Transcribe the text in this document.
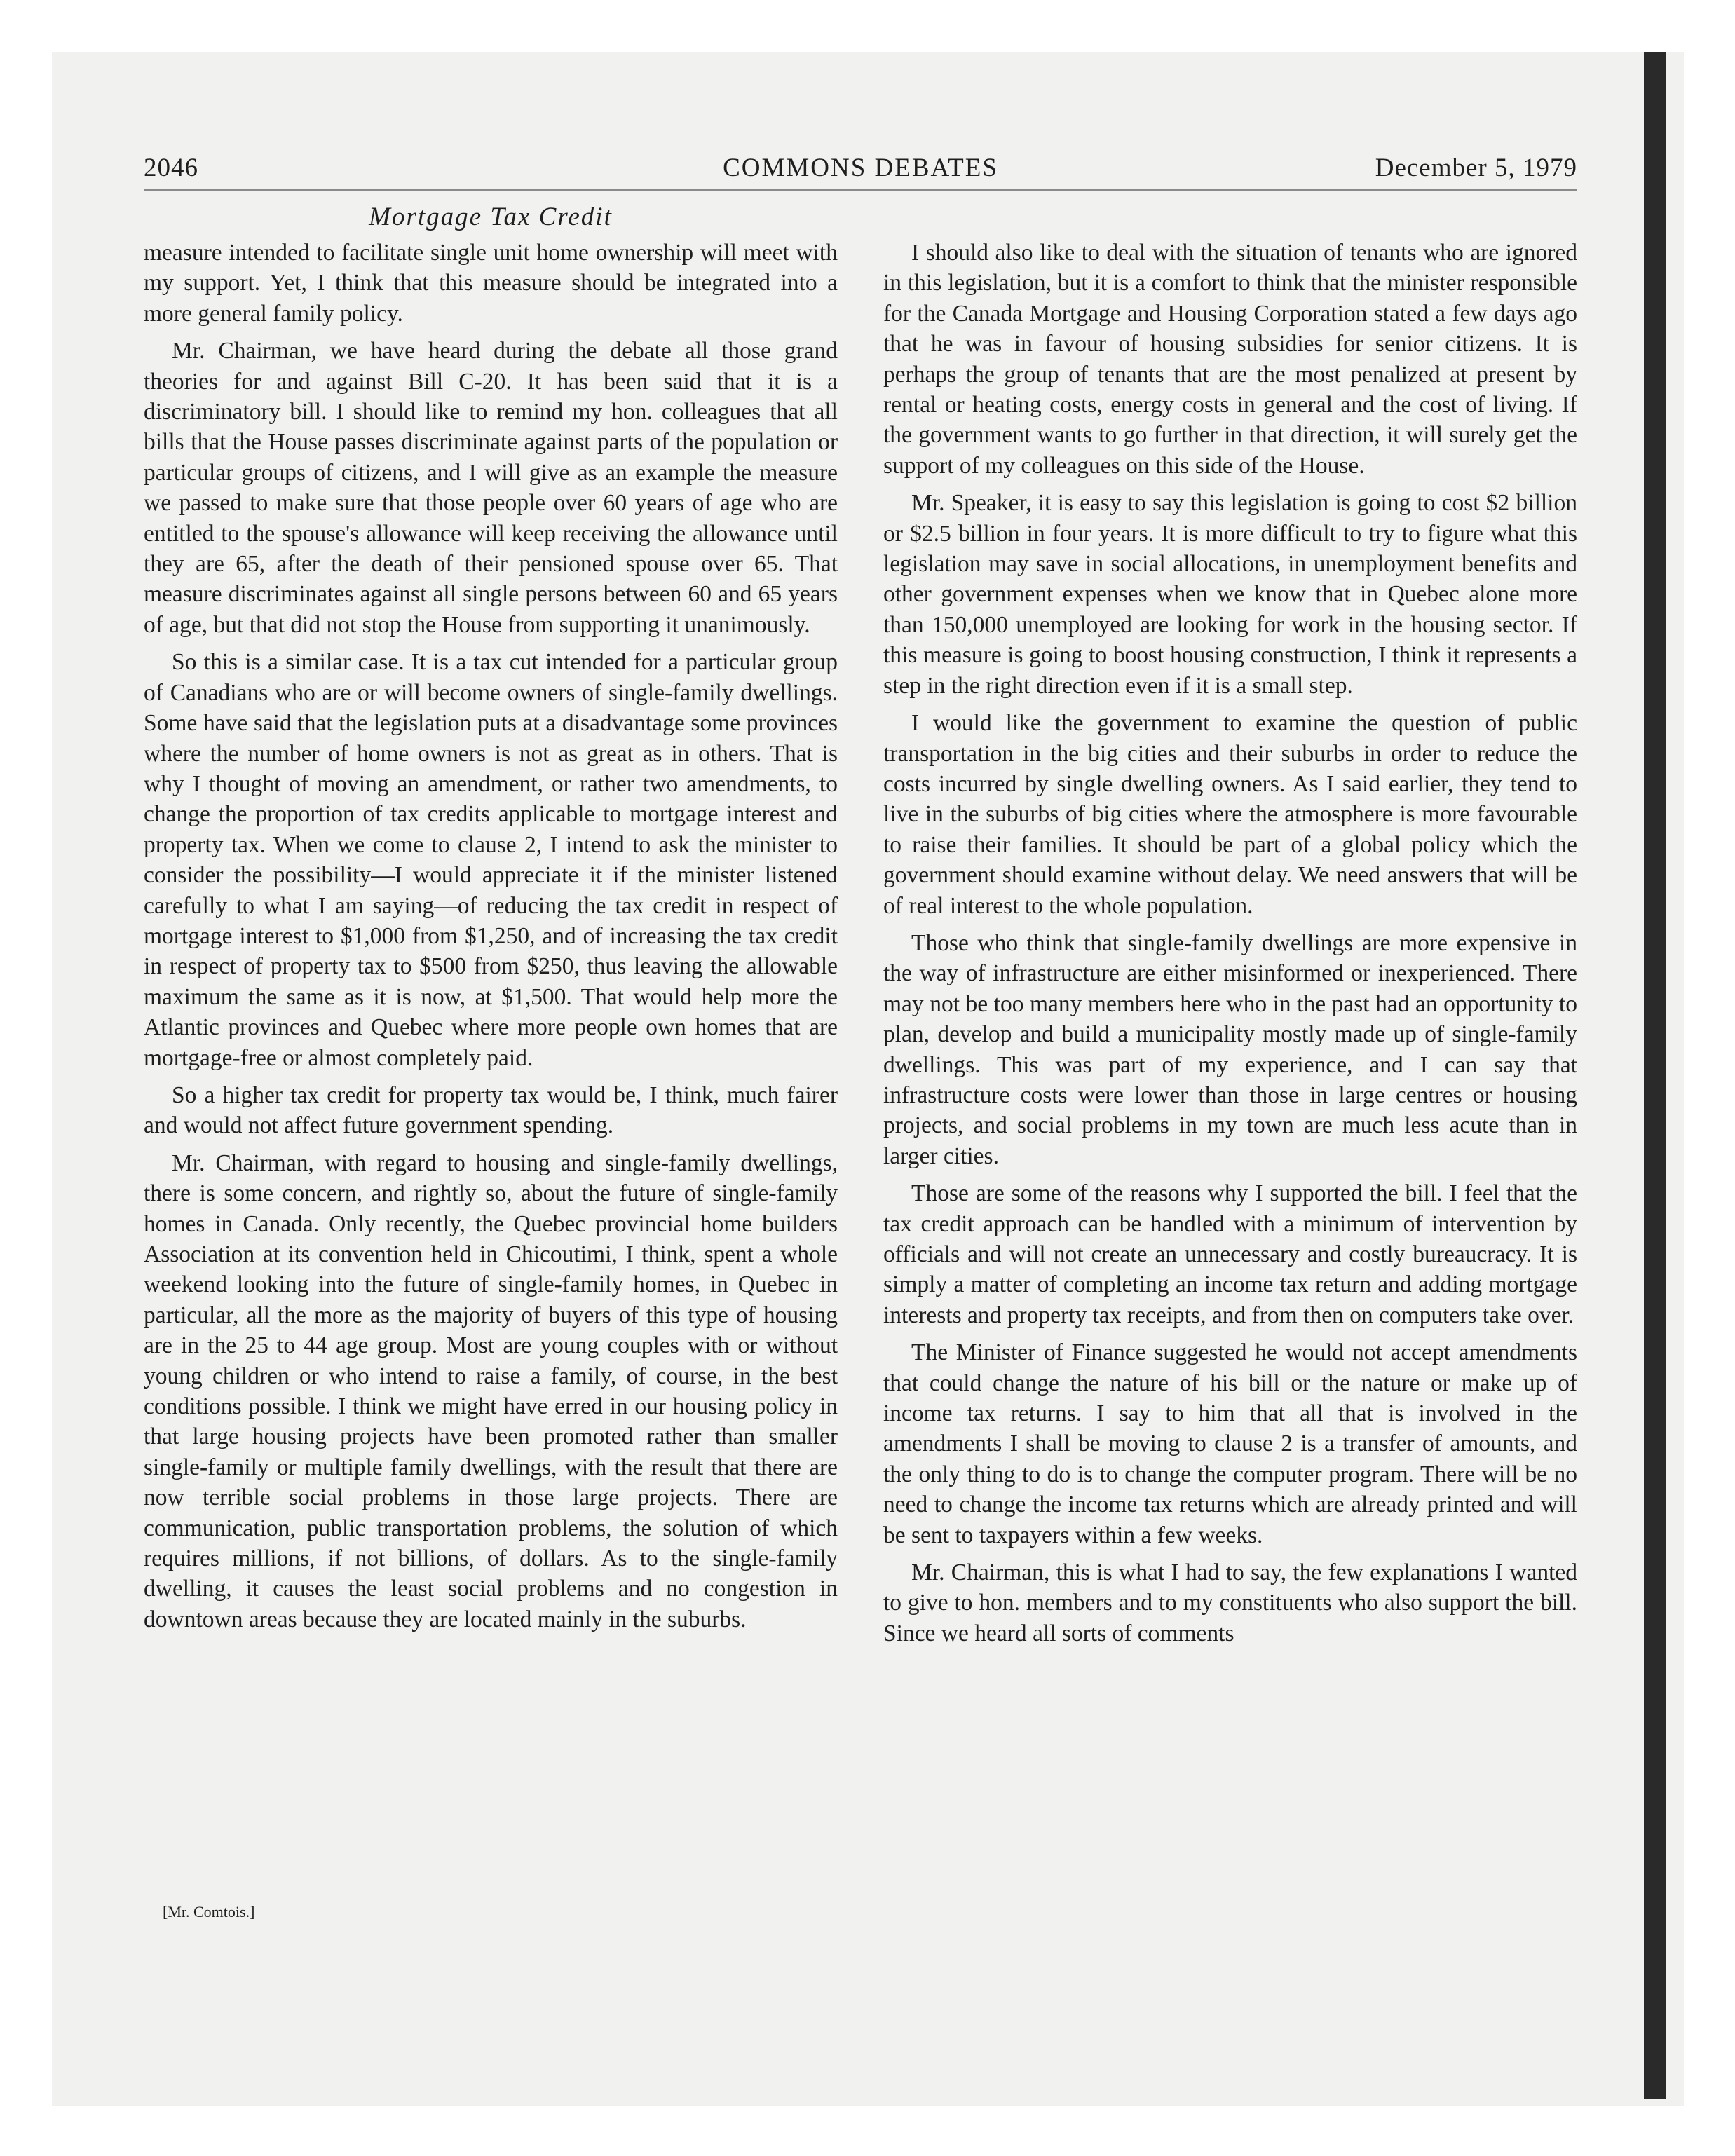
2046	COMMONS DEBATES	December 5, 1979
Mortgage Tax Credit

measure intended to facilitate single unit home ownership will meet with my support. Yet, I think that this measure should be integrated into a more general family policy.

Mr. Chairman, we have heard during the debate all those grand theories for and against Bill C-20. It has been said that it is a discriminatory bill. I should like to remind my hon. colleagues that all bills that the House passes discriminate against parts of the population or particular groups of citizens, and I will give as an example the measure we passed to make sure that those people over 60 years of age who are entitled to the spouse's allowance will keep receiving the allowance until they are 65, after the death of their pensioned spouse over 65. That measure discriminates against all single persons between 60 and 65 years of age, but that did not stop the House from supporting it unanimously.

So this is a similar case. It is a tax cut intended for a particular group of Canadians who are or will become owners of single-family dwellings. Some have said that the legislation puts at a disadvantage some provinces where the number of home owners is not as great as in others. That is why I thought of moving an amendment, or rather two amendments, to change the proportion of tax credits applicable to mortgage interest and property tax. When we come to clause 2, I intend to ask the minister to consider the possibility—I would appreciate it if the minister listened carefully to what I am saying—of reducing the tax credit in respect of mortgage interest to $1,000 from $1,250, and of increasing the tax credit in respect of property tax to $500 from $250, thus leaving the allowable maximum the same as it is now, at $1,500. That would help more the Atlantic provinces and Quebec where more people own homes that are mortgage-free or almost completely paid.

So a higher tax credit for property tax would be, I think, much fairer and would not affect future government spending.

Mr. Chairman, with regard to housing and single-family dwellings, there is some concern, and rightly so, about the future of single-family homes in Canada. Only recently, the Quebec provincial home builders Association at its convention held in Chicoutimi, I think, spent a whole weekend looking into the future of single-family homes, in Quebec in particular, all the more as the majority of buyers of this type of housing are in the 25 to 44 age group. Most are young couples with or without young children or who intend to raise a family, of course, in the best conditions possible. I think we might have erred in our housing policy in that large housing projects have been promoted rather than smaller single-family or multiple family dwellings, with the result that there are now terrible social problems in those large projects. There are communication, public transportation problems, the solution of which requires millions, if not billions, of dollars. As to the single-family dwelling, it causes the least social problems and no congestion in downtown areas because they are located mainly in the suburbs.

[Mr. Comtois.]

I should also like to deal with the situation of tenants who are ignored in this legislation, but it is a comfort to think that the minister responsible for the Canada Mortgage and Housing Corporation stated a few days ago that he was in favour of housing subsidies for senior citizens. It is perhaps the group of tenants that are the most penalized at present by rental or heating costs, energy costs in general and the cost of living. If the government wants to go further in that direction, it will surely get the support of my colleagues on this side of the House.

Mr. Speaker, it is easy to say this legislation is going to cost $2 billion or $2.5 billion in four years. It is more difficult to try to figure what this legislation may save in social allocations, in unemployment benefits and other government expenses when we know that in Quebec alone more than 150,000 unemployed are looking for work in the housing sector. If this measure is going to boost housing construction, I think it represents a step in the right direction even if it is a small step.

I would like the government to examine the question of public transportation in the big cities and their suburbs in order to reduce the costs incurred by single dwelling owners. As I said earlier, they tend to live in the suburbs of big cities where the atmosphere is more favourable to raise their families. It should be part of a global policy which the government should examine without delay. We need answers that will be of real interest to the whole population.

Those who think that single-family dwellings are more expensive in the way of infrastructure are either misinformed or inexperienced. There may not be too many members here who in the past had an opportunity to plan, develop and build a municipality mostly made up of single-family dwellings. This was part of my experience, and I can say that infrastructure costs were lower than those in large centres or housing projects, and social problems in my town are much less acute than in larger cities.

Those are some of the reasons why I supported the bill. I feel that the tax credit approach can be handled with a minimum of intervention by officials and will not create an unnecessary and costly bureaucracy. It is simply a matter of completing an income tax return and adding mortgage interests and property tax receipts, and from then on computers take over.

The Minister of Finance suggested he would not accept amendments that could change the nature of his bill or the nature or make up of income tax returns. I say to him that all that is involved in the amendments I shall be moving to clause 2 is a transfer of amounts, and the only thing to do is to change the computer program. There will be no need to change the income tax returns which are already printed and will be sent to taxpayers within a few weeks.

Mr. Chairman, this is what I had to say, the few explanations I wanted to give to hon. members and to my constituents who also support the bill. Since we heard all sorts of comments
